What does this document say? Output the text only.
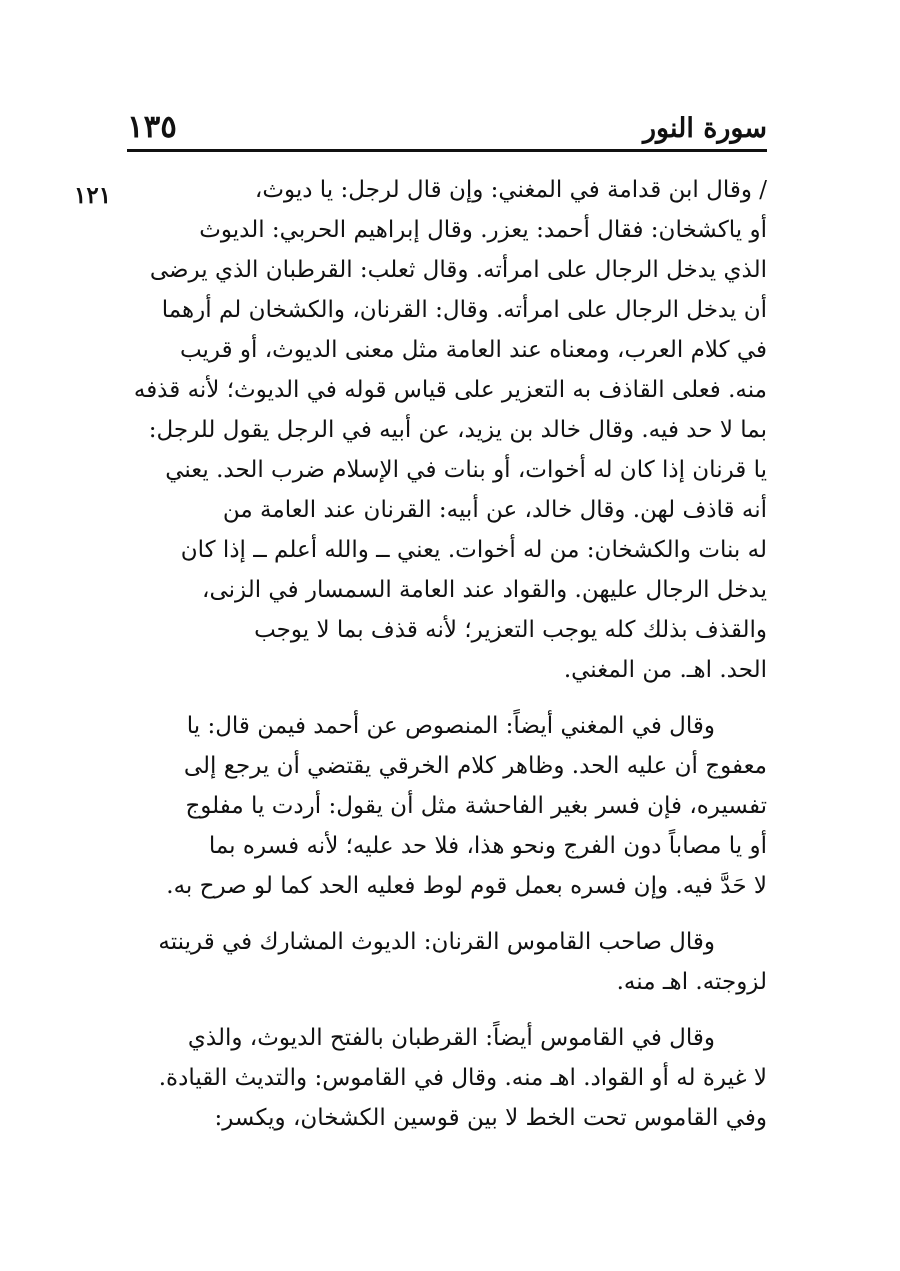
سورة النور
١٣٥
١٢١	/ وقال ابن قدامة في المغني: وإن قال لرجل: يا ديوث،
أو ياكشخان: فقال أحمد: يعزر. وقال إبراهيم الحربي: الديوث
الذي يدخل الرجال على امرأته. وقال ثعلب: القرطبان الذي يرضى
أن يدخل الرجال على امرأته. وقال: القرنان، والكشخان لم أرهما
في كلام العرب، ومعناه عند العامة مثل معنى الديوث، أو قريب
منه. فعلى القاذف به التعزير على قياس قوله في الديوث؛ لأنه قذفه
بما لا حد فيه. وقال خالد بن يزيد، عن أبيه في الرجل يقول للرجل:
يا قرنان إذا كان له أخوات، أو بنات في الإسلام ضرب الحد. يعني
أنه قاذف لهن. وقال خالد، عن أبيه: القرنان عند العامة من
له بنات والكشخان: من له أخوات. يعني ــ والله أعلم ــ إذا كان
يدخل الرجال عليهن. والقواد عند العامة السمسار في الزنى،
والقذف بذلك كله يوجب التعزير؛ لأنه قذف بما لا يوجب
الحد. اهـ. من المغني.
وقال في المغني أيضاً: المنصوص عن أحمد فيمن قال: يا
معفوج أن عليه الحد. وظاهر كلام الخرقي يقتضي أن يرجع إلى
تفسيره، فإن فسر بغير الفاحشة مثل أن يقول: أردت يا مفلوج
أو يا مصاباً دون الفرج ونحو هذا، فلا حد عليه؛ لأنه فسره بما
لا حَدَّ فيه. وإن فسره بعمل قوم لوط فعليه الحد كما لو صرح به.
وقال صاحب القاموس القرنان: الديوث المشارك في قرينته
لزوجته. اهـ منه.
وقال في القاموس أيضاً: القرطبان بالفتح الديوث، والذي
لا غيرة له أو القواد. اهـ منه. وقال في القاموس: والتديث القيادة.
وفي القاموس تحت الخط لا بين قوسين الكشخان، ويكسر:
